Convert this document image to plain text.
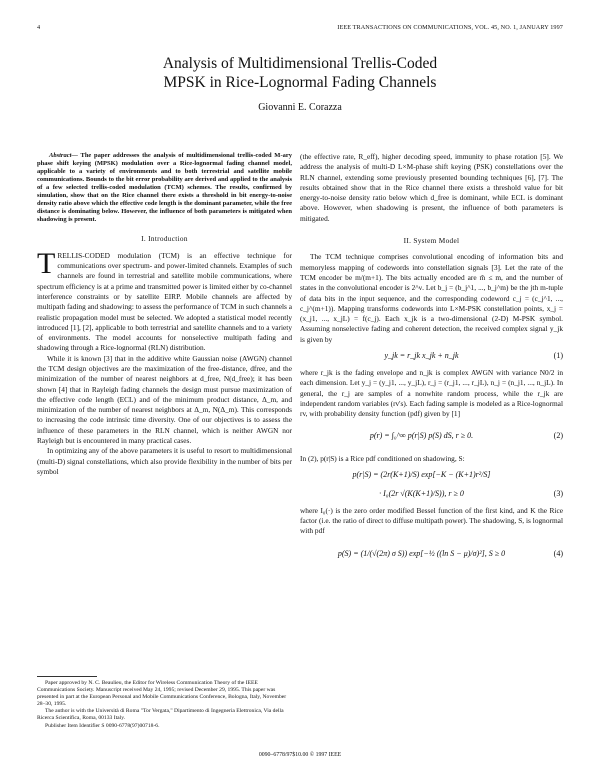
4	IEEE TRANSACTIONS ON COMMUNICATIONS, VOL. 45, NO. 1, JANUARY 1997
Analysis of Multidimensional Trellis-Coded
MPSK in Rice-Lognormal Fading Channels
Giovanni E. Corazza

Abstract— The paper addresses the analysis of multidimensional trellis-coded M-ary phase shift keying (MPSK) modulation over a Rice-lognormal fading channel model, applicable to a variety of environments and to both terrestrial and satellite mobile communications. Bounds to the bit error probability are derived and applied to the analysis of a few selected trellis-coded modulation (TCM) schemes. The results, confirmed by simulation, show that on the Rice channel there exists a threshold in bit energy-to-noise density ratio above which the effective code length is the dominant parameter, while the free distance is dominating below. However, the influence of both parameters is mitigated when shadowing is present.

I. Introduction

TRELLIS-CODED modulation (TCM) is an effective technique for communications over spectrum- and power-limited channels. Examples of such channels are found in terrestrial and satellite mobile communications, where spectrum efficiency is at a prime and transmitted power is limited either by co-channel interference constraints or by satellite EIRP. Mobile channels are affected by multipath fading and shadowing: to assess the performance of TCM in such channels a realistic propagation model must be selected. We adopted a statistical model recently introduced [1], [2], applicable to both terrestrial and satellite channels and to a variety of environments. The model accounts for nonselective multipath fading and shadowing through a Rice-lognormal (RLN) distribution.

While it is known [3] that in the additive white Gaussian noise (AWGN) channel the TCM design objectives are the maximization of the free-distance, dfree, and the minimization of the number of nearest neighbors at d_free, N(d_free); it has been shown [4] that in Rayleigh fading channels the design must pursue maximization of the effective code length (ECL) and of the minimum product distance, Δ_m, and minimization of the number of nearest neighbors at Δ_m, N(Δ_m). This corresponds to increasing the code intrinsic time diversity. One of our objectives is to assess the influence of these parameters in the RLN channel, which is neither AWGN nor Rayleigh but is encountered in many practical cases.

In optimizing any of the above parameters it is useful to resort to multidimensional (multi-D) signal constellations, which also provide flexibility in the number of bits per symbol

Paper approved by N. C. Beaulieu, the Editor for Wireless Communication Theory of the IEEE Communications Society. Manuscript received May 24, 1995; revised December 29, 1995. This paper was presented in part at the European Personal and Mobile Communications Conference, Bologna, Italy, November 28–30, 1995.

The author is with the Università di Roma "Tor Vergata," Dipartimento di Ingegneria Elettronica, Via della Ricerca Scientifica, Roma, 00133 Italy.

Publisher Item Identifier S 0090-6778(97)00718-6.

(the effective rate, R_eff), higher decoding speed, immunity to phase rotation [5]. We address the analysis of multi-D L×M-phase shift keying (PSK) constellations over the RLN channel, extending some previously presented bounding techniques [6], [7]. The results obtained show that in the Rice channel there exists a threshold value for bit energy-to-noise density ratio below which d_free is dominant, while ECL is dominant above. However, when shadowing is present, the influence of both parameters is mitigated.

II. System Model

The TCM technique comprises convolutional encoding of information bits and memoryless mapping of codewords into constellation signals [3]. Let the rate of the TCM encoder be m/(m+1). The bits actually encoded are m̃ ≤ m, and the number of states in the convolutional encoder is 2^ν. Let b_j = (b_j^1, ..., b_j^m) be the jth m-tuple of data bits in the input sequence, and the corresponding codeword c_j = (c_j^1, ..., c_j^(m+1)). Mapping transforms codewords into L×M-PSK constellation points, x_j = (x_j1, ..., x_jL) = f(c_j). Each x_jk is a two-dimensional (2-D) M-PSK symbol. Assuming nonselective fading and coherent detection, the received complex signal y_jk is given by

y_jk = r_jk x_jk + n_jk	(1)

where r_jk is the fading envelope and n_jk is complex AWGN with variance N0/2 in each dimension. Let y_j = (y_j1, ..., y_jL), r_j = (r_j1, ..., r_jL), n_j = (n_j1, ..., n_jL). In general, the r_j are samples of a nonwhite random process, while the r_jk are independent random variables (rv's). Each fading sample is modeled as a Rice-lognormal rv, with probability density function (pdf) given by [1]

p(r) = ∫₀^∞ p(r|S) p(S) dS, r ≥ 0.	(2)

In (2), p(r|S) is a Rice pdf conditioned on shadowing, S:

p(r|S) = (2r(K+1)/S) exp[−K − (K+1)r²/S]
· I₀(2r √(K(K+1)/S)), r ≥ 0	(3)

where I₀(·) is the zero order modified Bessel function of the first kind, and K the Rice factor (i.e. the ratio of direct to diffuse multipath power). The shadowing, S, is lognormal with pdf

p(S) = (1/(√(2π) σ S)) exp[−½ ((ln S − μ)/σ)²], S ≥ 0	(4)
0090–6778/97$10.00 © 1997 IEEE
